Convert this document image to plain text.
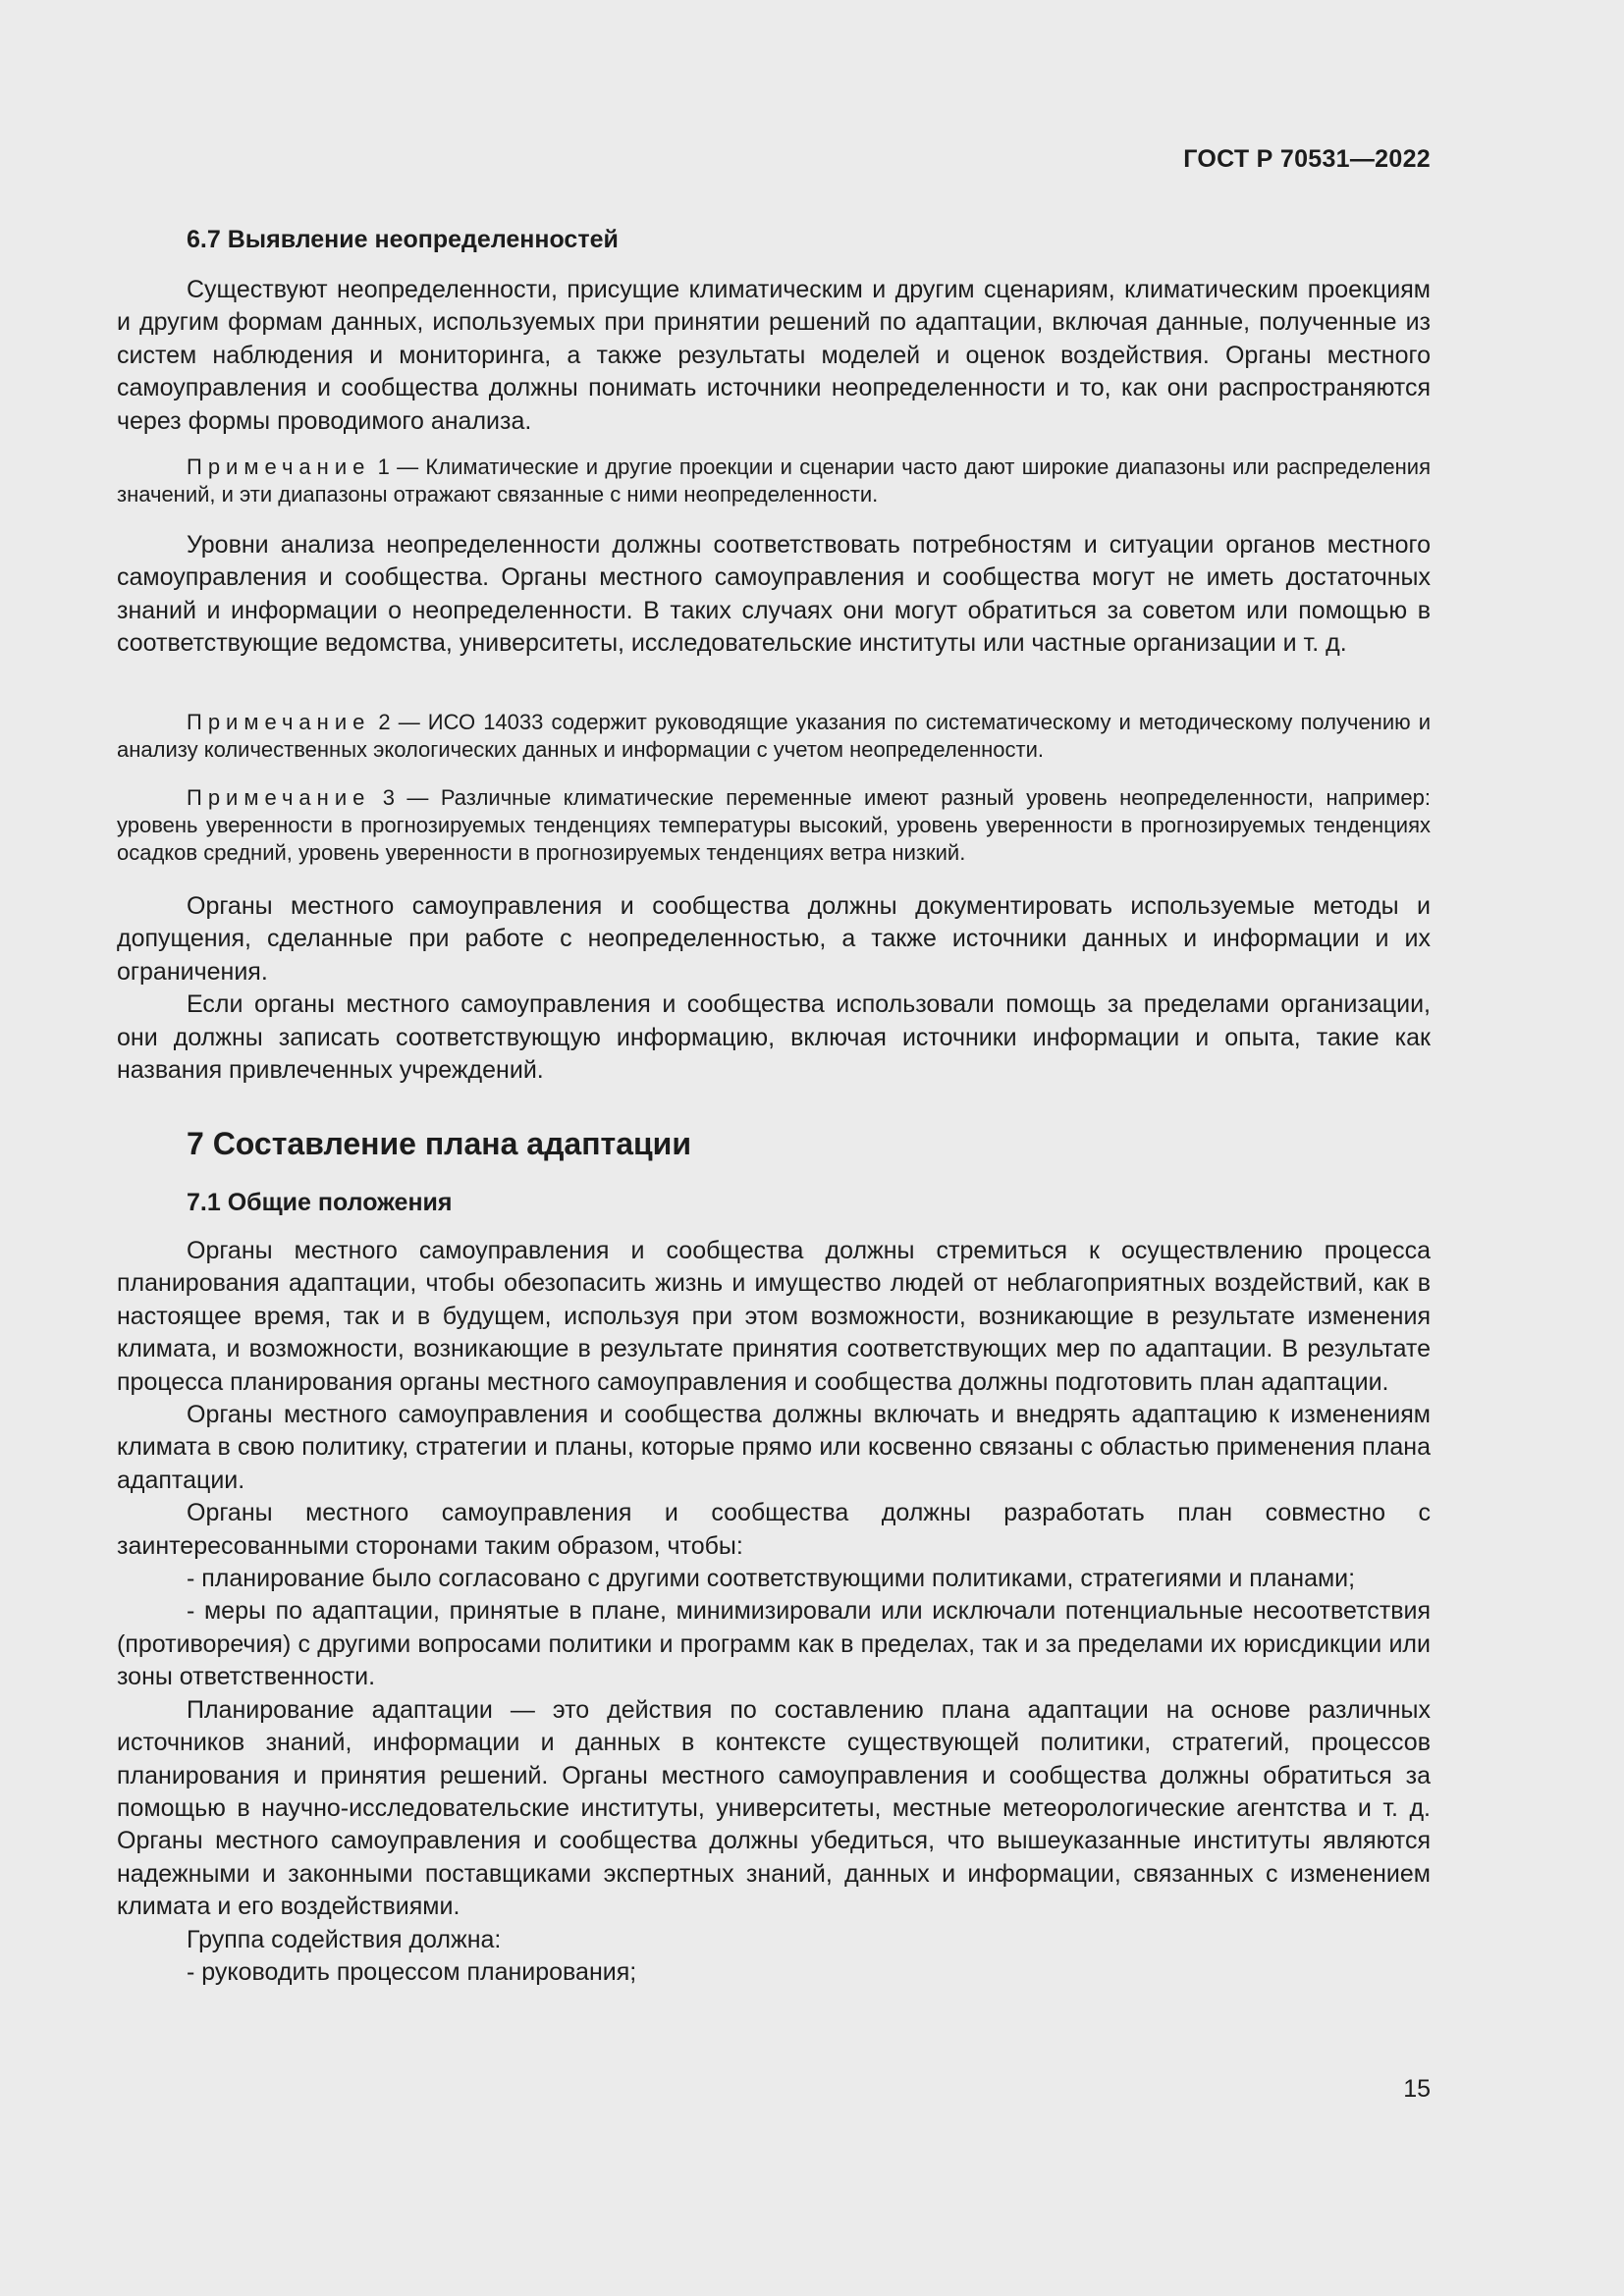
ГОСТ Р 70531—2022
6.7 Выявление неопределенностей

Существуют неопределенности, присущие климатическим и другим сценариям, климатическим проекциям и другим формам данных, используемых при принятии решений по адаптации, включая данные, полученные из систем наблюдения и мониторинга, а также результаты моделей и оценок воздействия. Органы местного самоуправления и сообщества должны понимать источники неопределенности и то, как они распространяются через формы проводимого анализа.

Примечание 1 — Климатические и другие проекции и сценарии часто дают широкие диапазоны или распределения значений, и эти диапазоны отражают связанные с ними неопределенности.

Уровни анализа неопределенности должны соответствовать потребностям и ситуации органов местного самоуправления и сообщества. Органы местного самоуправления и сообщества могут не иметь достаточных знаний и информации о неопределенности. В таких случаях они могут обратиться за советом или помощью в соответствующие ведомства, университеты, исследовательские институты или частные организации и т. д.

Примечание 2 — ИСО 14033 содержит руководящие указания по систематическому и методическому получению и анализу количественных экологических данных и информации с учетом неопределенности.

Примечание 3 — Различные климатические переменные имеют разный уровень неопределенности, например: уровень уверенности в прогнозируемых тенденциях температуры высокий, уровень уверенности в прогнозируемых тенденциях осадков средний, уровень уверенности в прогнозируемых тенденциях ветра низкий.

Органы местного самоуправления и сообщества должны документировать используемые методы и допущения, сделанные при работе с неопределенностью, а также источники данных и информации и их ограничения.

Если органы местного самоуправления и сообщества использовали помощь за пределами организации, они должны записать соответствующую информацию, включая источники информации и опыта, такие как названия привлеченных учреждений.

7 Составление плана адаптации
7.1 Общие положения

Органы местного самоуправления и сообщества должны стремиться к осуществлению процесса планирования адаптации, чтобы обезопасить жизнь и имущество людей от неблагоприятных воздействий, как в настоящее время, так и в будущем, используя при этом возможности, возникающие в результате изменения климата, и возможности, возникающие в результате принятия соответствующих мер по адаптации. В результате процесса планирования органы местного самоуправления и сообщества должны подготовить план адаптации.

Органы местного самоуправления и сообщества должны включать и внедрять адаптацию к изменениям климата в свою политику, стратегии и планы, которые прямо или косвенно связаны с областью применения плана адаптации.

Органы местного самоуправления и сообщества должны разработать план совместно с заинтересованными сторонами таким образом, чтобы:

- планирование было согласовано с другими соответствующими политиками, стратегиями и планами;

- меры по адаптации, принятые в плане, минимизировали или исключали потенциальные несоответствия (противоречия) с другими вопросами политики и программ как в пределах, так и за пределами их юрисдикции или зоны ответственности.

Планирование адаптации — это действия по составлению плана адаптации на основе различных источников знаний, информации и данных в контексте существующей политики, стратегий, процессов планирования и принятия решений. Органы местного самоуправления и сообщества должны обратиться за помощью в научно-исследовательские институты, университеты, местные метеорологические агентства и т. д. Органы местного самоуправления и сообщества должны убедиться, что вышеуказанные институты являются надежными и законными поставщиками экспертных знаний, данных и информации, связанных с изменением климата и его воздействиями.

Группа содействия должна:

- руководить процессом планирования;

15
